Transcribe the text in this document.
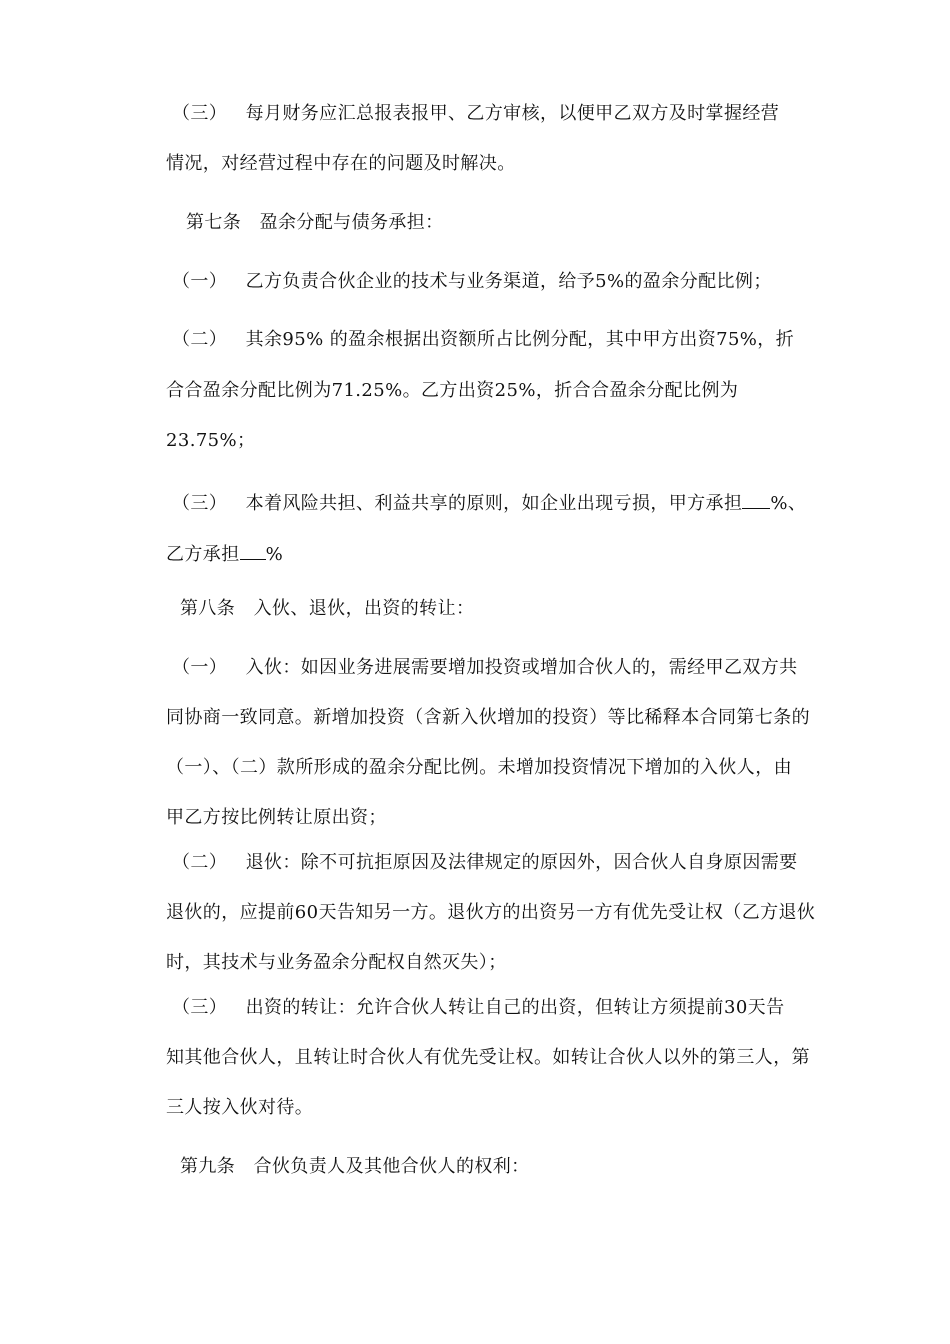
（三）   每月财务应汇总报表报甲、乙方审核，以便甲乙双方及时掌握经营
情况，对经营过程中存在的问题及时解决。
第七条   盈余分配与债务承担：
（一）   乙方负责合伙企业的技术与业务渠道，给予5%的盈余分配比例；
（二）   其余95% 的盈余根据出资额所占比例分配，其中甲方出资75%，折
合合盈余分配比例为71.25%。乙方出资25%，折合合盈余分配比例为
23.75%；
（三）   本着风险共担、利益共享的原则，如企业出现亏损，甲方承担 %、
乙方承担 %
第八条   入伙、退伙，出资的转让：
（一）   入伙：如因业务进展需要增加投资或增加合伙人的，需经甲乙双方共
同协商一致同意。新增加投资（含新入伙增加的投资）等比稀释本合同第七条的
（一）、（二）款所形成的盈余分配比例。未增加投资情况下增加的入伙人，由
甲乙方按比例转让原出资；
（二）   退伙：除不可抗拒原因及法律规定的原因外，因合伙人自身原因需要
退伙的，应提前60天告知另一方。退伙方的出资另一方有优先受让权（乙方退伙
时，其技术与业务盈余分配权自然灭失）；
（三）   出资的转让：允许合伙人转让自己的出资，但转让方须提前30天告
知其他合伙人，且转让时合伙人有优先受让权。如转让合伙人以外的第三人，第
三人按入伙对待。
第九条   合伙负责人及其他合伙人的权利：
